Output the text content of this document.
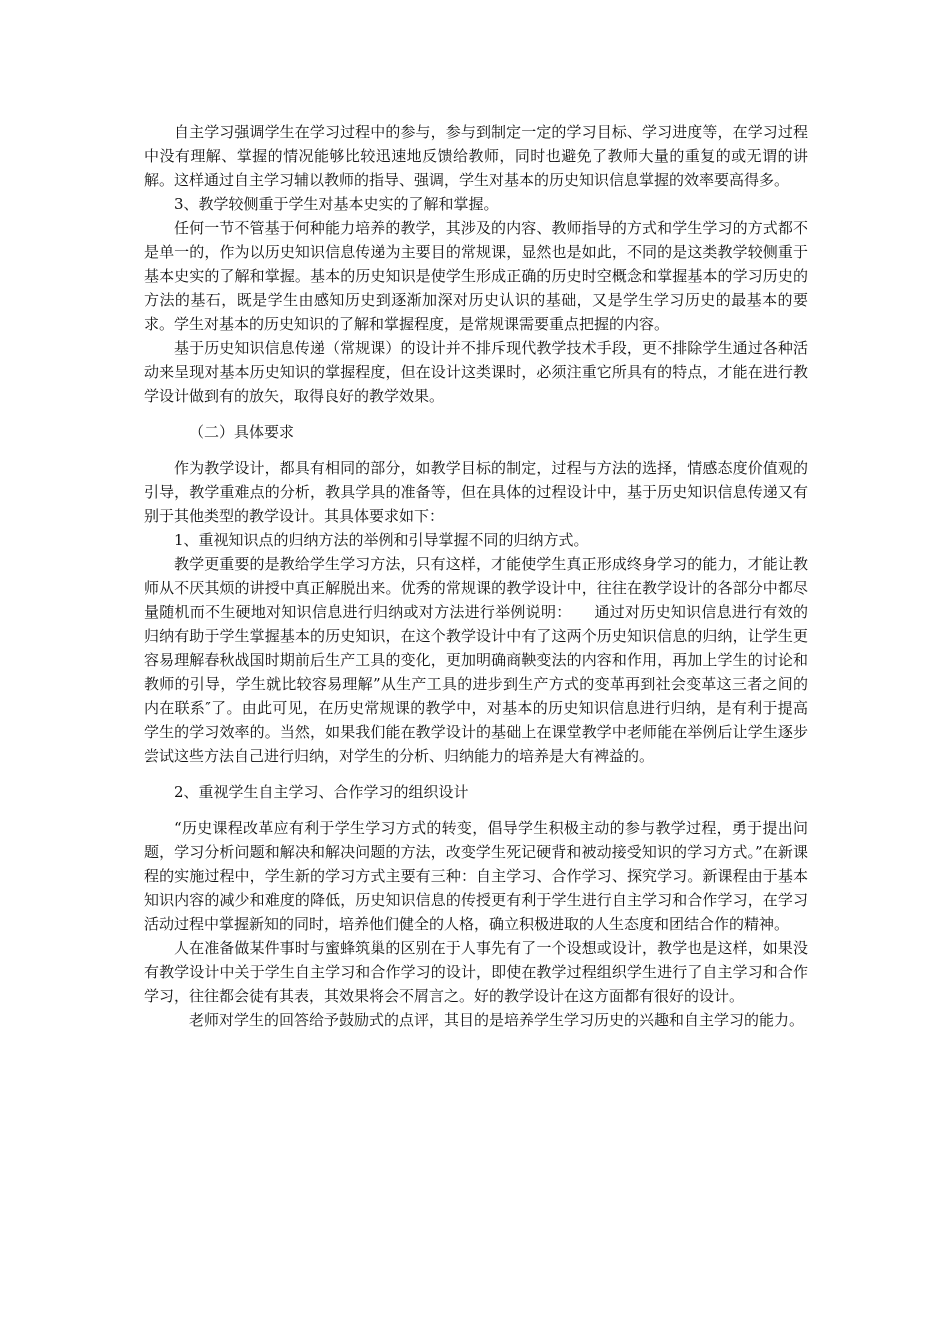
自主学习强调学生在学习过程中的参与，参与到制定一定的学习目标、学习进度等，在学习过程中没有理解、掌握的情况能够比较迅速地反馈给教师，同时也避免了教师大量的重复的或无谓的讲解。这样通过自主学习辅以教师的指导、强调，学生对基本的历史知识信息掌握的效率要高得多。

3、教学较侧重于学生对基本史实的了解和掌握。

任何一节不管基于何种能力培养的教学，其涉及的内容、教师指导的方式和学生学习的方式都不是单一的，作为以历史知识信息传递为主要目的常规课，显然也是如此，不同的是这类教学较侧重于基本史实的了解和掌握。基本的历史知识是使学生形成正确的历史时空概念和掌握基本的学习历史的方法的基石，既是学生由感知历史到逐渐加深对历史认识的基础，又是学生学习历史的最基本的要求。学生对基本的历史知识的了解和掌握程度，是常规课需要重点把握的内容。

基于历史知识信息传递（常规课）的设计并不排斥现代教学技术手段，更不排除学生通过各种活动来呈现对基本历史知识的掌握程度，但在设计这类课时，必须注重它所具有的特点，才能在进行教学设计做到有的放矢，取得良好的教学效果。

（二）具体要求

作为教学设计，都具有相同的部分，如教学目标的制定，过程与方法的选择，情感态度价值观的引导，教学重难点的分析，教具学具的准备等，但在具体的过程设计中，基于历史知识信息传递又有别于其他类型的教学设计。其具体要求如下：

1、重视知识点的归纳方法的举例和引导掌握不同的归纳方式。

教学更重要的是教给学生学习方法，只有这样，才能使学生真正形成终身学习的能力，才能让教师从不厌其烦的讲授中真正解脱出来。优秀的常规课的教学设计中，往往在教学设计的各部分中都尽量随机而不生硬地对知识信息进行归纳或对方法进行举例说明：　　通过对历史知识信息进行有效的归纳有助于学生掌握基本的历史知识，在这个教学设计中有了这两个历史知识信息的归纳，让学生更容易理解春秋战国时期前后生产工具的变化，更加明确商鞅变法的内容和作用，再加上学生的讨论和教师的引导，学生就比较容易理解”从生产工具的进步到生产方式的变革再到社会变革这三者之间的内在联系″了。由此可见，在历史常规课的教学中，对基本的历史知识信息进行归纳，是有利于提高学生的学习效率的。当然，如果我们能在教学设计的基础上在课堂教学中老师能在举例后让学生逐步尝试这些方法自己进行归纳，对学生的分析、归纳能力的培养是大有裨益的。

2、重视学生自主学习、合作学习的组织设计

“历史课程改革应有利于学生学习方式的转变，倡导学生积极主动的参与教学过程，勇于提出问题，学习分析问题和解决和解决问题的方法，改变学生死记硬背和被动接受知识的学习方式。”在新课程的实施过程中，学生新的学习方式主要有三种：自主学习、合作学习、探究学习。新课程由于基本知识内容的减少和难度的降低，历史知识信息的传授更有利于学生进行自主学习和合作学习，在学习活动过程中掌握新知的同时，培养他们健全的人格，确立积极进取的人生态度和团结合作的精神。

人在准备做某件事时与蜜蜂筑巢的区别在于人事先有了一个设想或设计，教学也是这样，如果没有教学设计中关于学生自主学习和合作学习的设计，即使在教学过程组织学生进行了自主学习和合作学习，往往都会徒有其表，其效果将会不屑言之。好的教学设计在这方面都有很好的设计。

老师对学生的回答给予鼓励式的点评，其目的是培养学生学习历史的兴趣和自主学习的能力。
